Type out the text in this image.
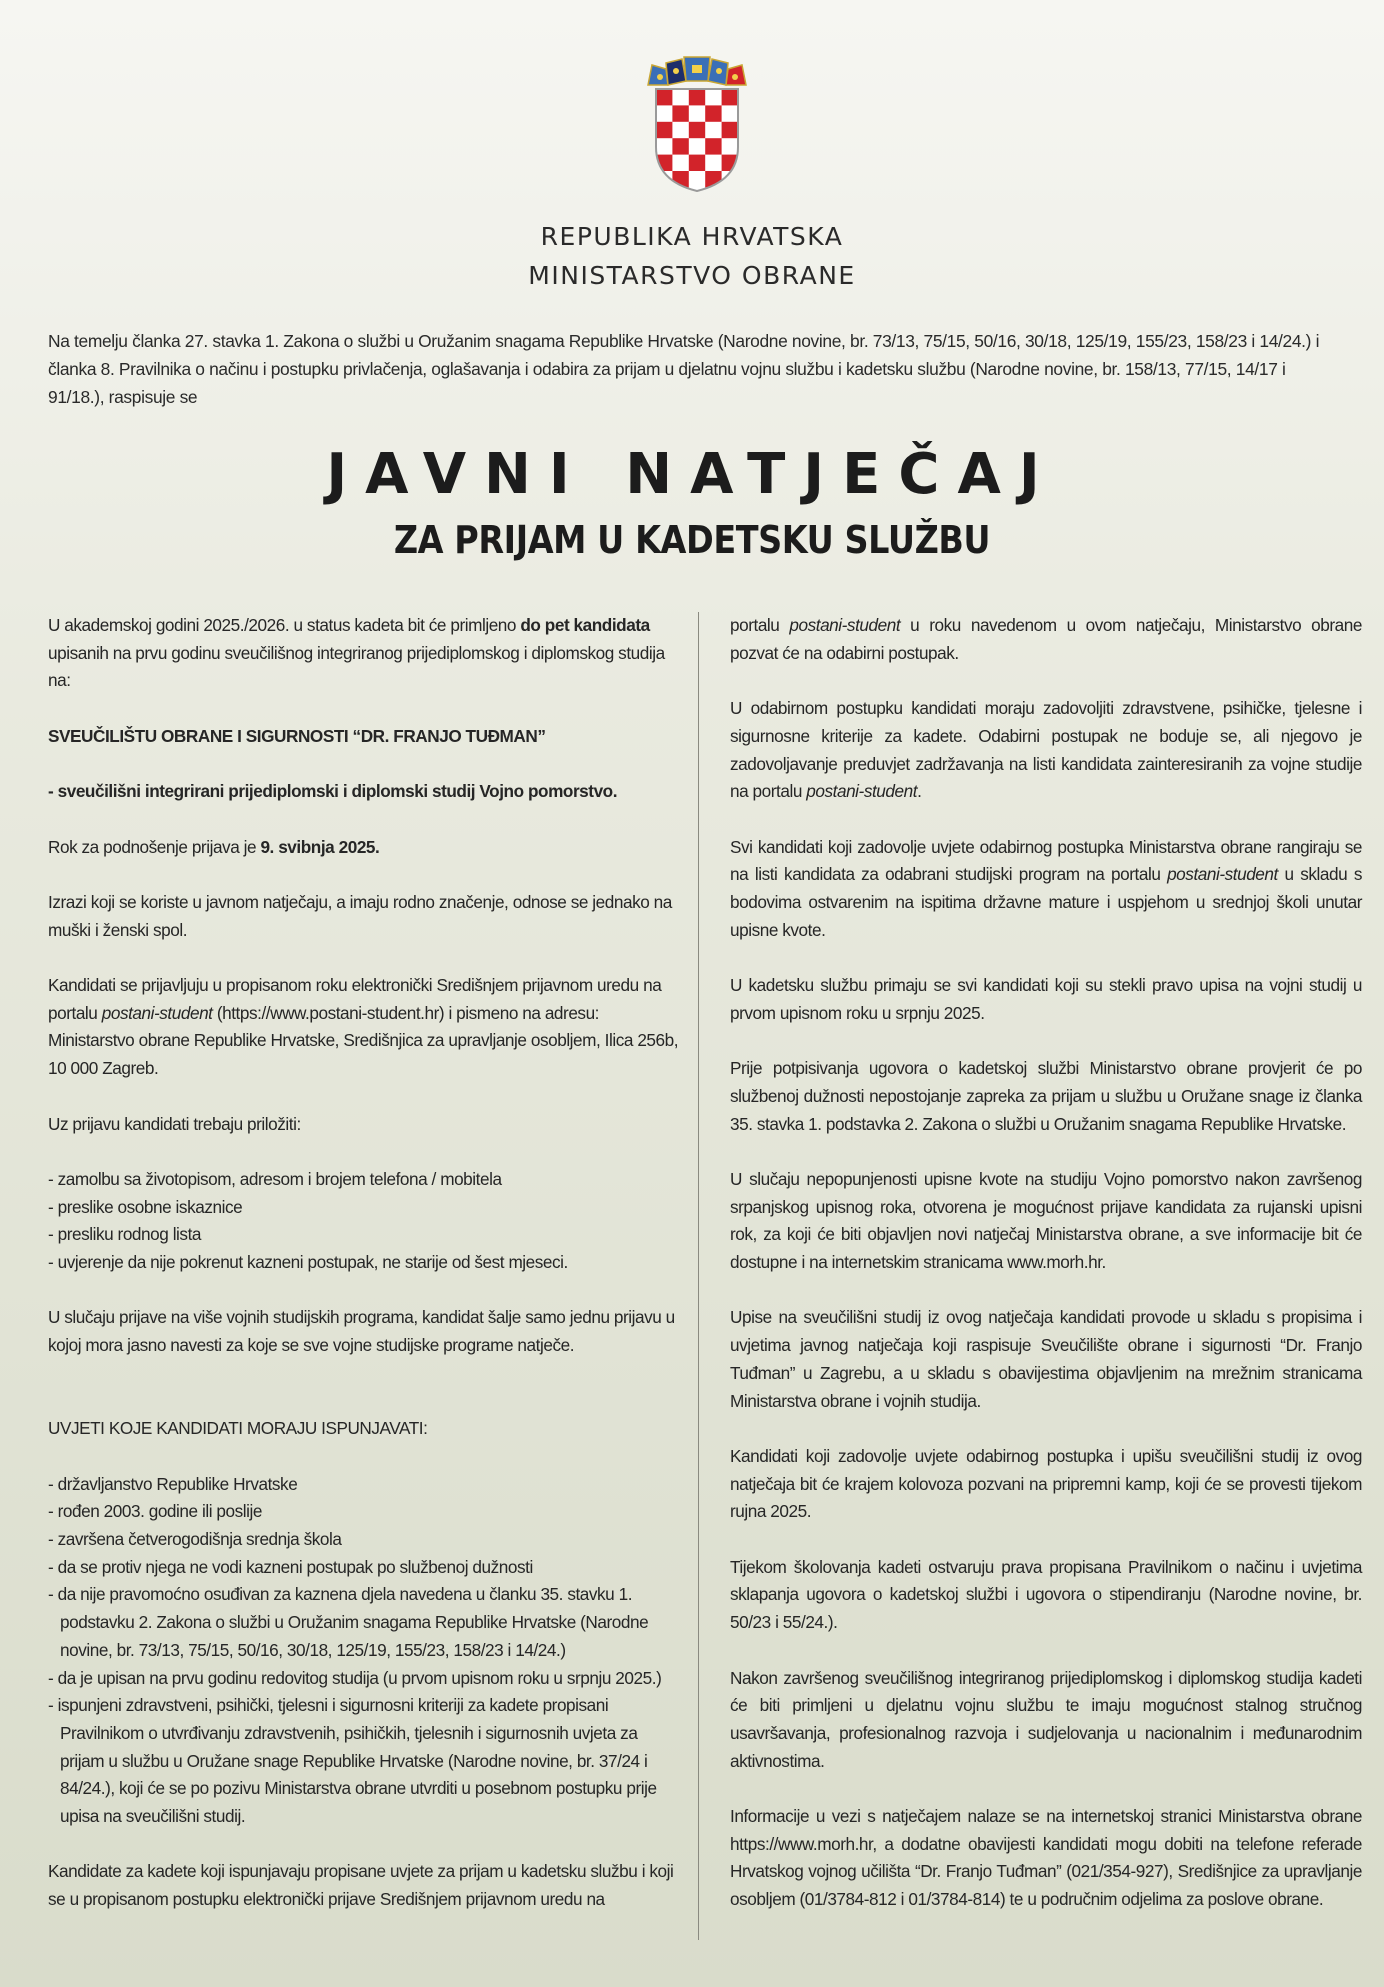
REPUBLIKA HRVATSKA
MINISTARSTVO OBRANE
Na temelju članka 27. stavka 1. Zakona o službi u Oružanim snagama Republike Hrvatske (Narodne novine, br. 73/13, 75/15, 50/16, 30/18, 125/19, 155/23, 158/23 i 14/24.) i članka 8. Pravilnika o načinu i postupku privlačenja, oglašavanja i odabira za prijam u djelatnu vojnu službu i kadetsku službu (Narodne novine, br. 158/13, 77/15, 14/17 i 91/18.), raspisuje se
JAVNI NATJEČAJ
ZA PRIJAM U KADETSKU SLUŽBU

U akademskoj godini 2025./2026. u status kadeta bit će primljeno do pet kandidata upisanih na prvu godinu sveučilišnog integriranog prijediplomskog i diplomskog studija na:

SVEUČILIŠTU OBRANE I SIGURNOSTI “DR. FRANJO TUĐMAN”

- sveučilišni integrirani prijediplomski i diplomski studij Vojno pomorstvo.

Rok za podnošenje prijava je 9. svibnja 2025.

Izrazi koji se koriste u javnom natječaju, a imaju rodno značenje, odnose se jednako na muški i ženski spol.

Kandidati se prijavljuju u propisanom roku elektronički Središnjem prijavnom uredu na portalu postani-student (https://www.postani-student.hr) i pismeno na adresu: Ministarstvo obrane Republike Hrvatske, Središnjica za upravljanje osobljem, Ilica 256b, 10 000 Zagreb.

Uz prijavu kandidati trebaju priložiti:

- zamolbu sa životopisom, adresom i brojem telefona / mobitela
- preslike osobne iskaznice
- presliku rodnog lista
- uvjerenje da nije pokrenut kazneni postupak, ne starije od šest mjeseci.

U slučaju prijave na više vojnih studijskih programa, kandidat šalje samo jednu prijavu u kojoj mora jasno navesti za koje se sve vojne studijske programe natječe.

UVJETI KOJE KANDIDATI MORAJU ISPUNJAVATI:

- državljanstvo Republike Hrvatske
- rođen 2003. godine ili poslije
- završena četverogodišnja srednja škola
- da se protiv njega ne vodi kazneni postupak po službenoj dužnosti
- da nije pravomoćno osuđivan za kaznena djela navedena u članku 35. stavku 1. podstavku 2. Zakona o službi u Oružanim snagama Republike Hrvatske (Narodne novine, br. 73/13, 75/15, 50/16, 30/18, 125/19, 155/23, 158/23 i 14/24.)
- da je upisan na prvu godinu redovitog studija (u prvom upisnom roku u srpnju 2025.)
- ispunjeni zdravstveni, psihički, tjelesni i sigurnosni kriteriji za kadete propisani Pravilnikom o utvrđivanju zdravstvenih, psihičkih, tjelesnih i sigurnosnih uvjeta za prijam u službu u Oružane snage Republike Hrvatske (Narodne novine, br. 37/24 i 84/24.), koji će se po pozivu Ministarstva obrane utvrditi u posebnom postupku prije upisa na sveučilišni studij.

Kandidate za kadete koji ispunjavaju propisane uvjete za prijam u kadetsku službu i koji se u propisanom postupku elektronički prijave Središnjem prijavnom uredu na

portalu postani-student u roku navedenom u ovom natječaju, Ministarstvo obrane pozvat će na odabirni postupak.

U odabirnom postupku kandidati moraju zadovoljiti zdravstvene, psihičke, tjelesne i sigurnosne kriterije za kadete. Odabirni postupak ne boduje se, ali njegovo je zadovoljavanje preduvjet zadržavanja na listi kandidata zainteresiranih za vojne studije na portalu postani-student.

Svi kandidati koji zadovolje uvjete odabirnog postupka Ministarstva obrane rangiraju se na listi kandidata za odabrani studijski program na portalu postani-student u skladu s bodovima ostvarenim na ispitima državne mature i uspjehom u srednjoj školi unutar upisne kvote.

U kadetsku službu primaju se svi kandidati koji su stekli pravo upisa na vojni studij u prvom upisnom roku u srpnju 2025.

Prije potpisivanja ugovora o kadetskoj službi Ministarstvo obrane provjerit će po službenoj dužnosti nepostojanje zapreka za prijam u službu u Oružane snage iz članka 35. stavka 1. podstavka 2. Zakona o službi u Oružanim snagama Republike Hrvatske.

U slučaju nepopunjenosti upisne kvote na studiju Vojno pomorstvo nakon završenog srpanjskog upisnog roka, otvorena je mogućnost prijave kandidata za rujanski upisni rok, za koji će biti objavljen novi natječaj Ministarstva obrane, a sve informacije bit će dostupne i na internetskim stranicama www.morh.hr.

Upise na sveučilišni studij iz ovog natječaja kandidati provode u skladu s propisima i uvjetima javnog natječaja koji raspisuje Sveučilište obrane i sigurnosti “Dr. Franjo Tuđman” u Zagrebu, a u skladu s obavijestima objavljenim na mrežnim stranicama Ministarstva obrane i vojnih studija.

Kandidati koji zadovolje uvjete odabirnog postupka i upišu sveučilišni studij iz ovog natječaja bit će krajem kolovoza pozvani na pripremni kamp, koji će se provesti tijekom rujna 2025.

Tijekom školovanja kadeti ostvaruju prava propisana Pravilnikom o načinu i uvjetima sklapanja ugovora o kadetskoj službi i ugovora o stipendiranju (Narodne novine, br. 50/23 i 55/24.).

Nakon završenog sveučilišnog integriranog prijediplomskog i diplomskog studija kadeti će biti primljeni u djelatnu vojnu službu te imaju mogućnost stalnog stručnog usavršavanja, profesionalnog razvoja i sudjelovanja u nacionalnim i međunarodnim aktivnostima.

Informacije u vezi s natječajem nalaze se na internetskoj stranici Ministarstva obrane https://www.morh.hr, a dodatne obavijesti kandidati mogu dobiti na telefone referade Hrvatskog vojnog učilišta “Dr. Franjo Tuđman” (021/354-927), Središnjice za upravljanje osobljem (01/3784-812 i 01/3784-814) te u područnim odjelima za poslove obrane.
